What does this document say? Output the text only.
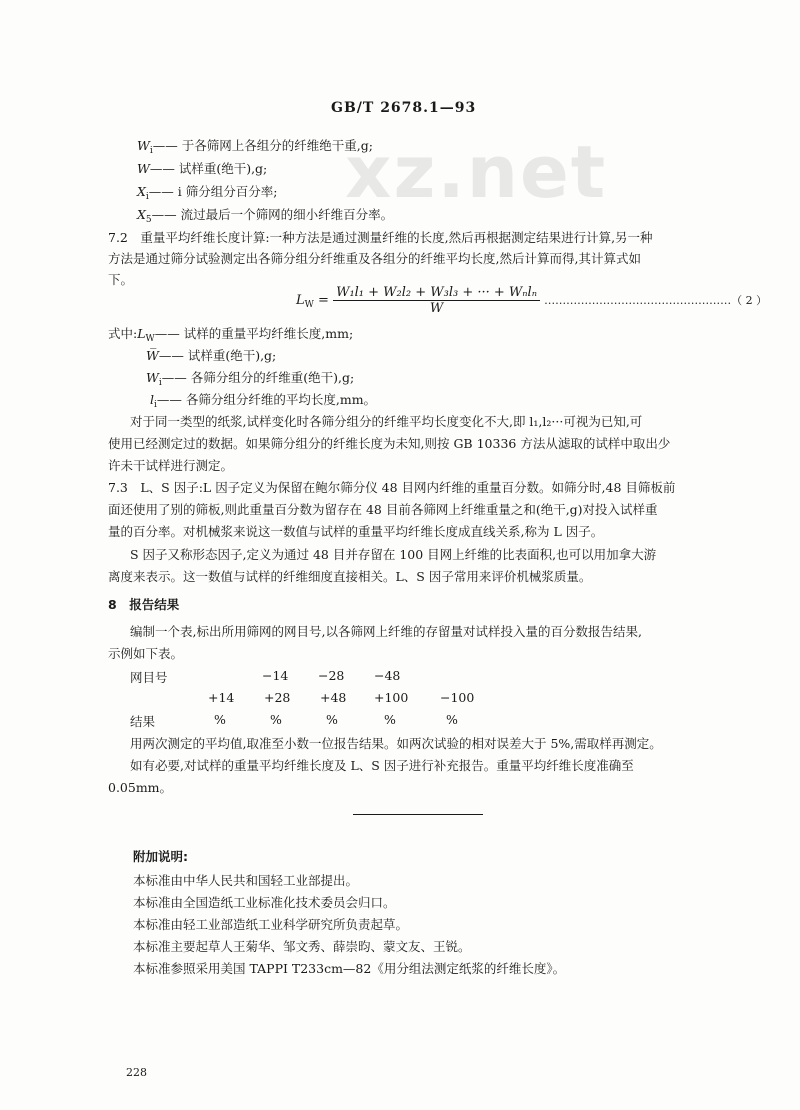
xz.net
GB/T 2678.1—93
$W_i——$ 于各筛网上各组分的纤维绝干重,g;
W—— 试样重(绝干),g;
$X_i——$ i 筛分组分百分率;
$X_5——$ 流过最后一个筛网的细小纤维百分率。
7.2　重量平均纤维长度计算:一种方法是通过测量纤维的长度,然后再根据测定结果进行计算,另一种
方法是通过筛分试验测定出各筛分组分纤维重及各组分的纤维平均长度,然后计算而得,其计算式如
下。
$L_W = \frac{\text{W₁l₁ + W₂l₂ + W₃l₃ + ··· + Wₙlₙ}}{W}$ ……………………………………………（ 2 ）
式中$:L_W——$ 试样的重量平均纤维长度,mm;
W̅—— 试样重(绝干),g;
$W_i——$ 各筛分组分的纤维重(绝干),g;
$l_i——$ 各筛分组分纤维的平均长度,mm。
对于同一类型的纸浆,试样变化时各筛分组分的纤维平均长度变化不大,即 l₁,l₂···可视为已知,可
使用已经测定过的数据。如果筛分组分的纤维长度为未知,则按 GB 10336 方法从滤取的试样中取出少
许未干试样进行测定。
7.3　L、S 因子:L 因子定义为保留在鲍尔筛分仪 48 目网内纤维的重量百分数。如筛分时,48 目筛板前
面还使用了别的筛板,则此重量百分数为留存在 48 目前各筛网上纤维重量之和(绝干,g)对投入试样重
量的百分率。对机械浆来说这一数值与试样的重量平均纤维长度成直线关系,称为 L 因子。
S 因子又称形态因子,定义为通过 48 目并存留在 100 目网上纤维的比表面积,也可以用加拿大游
离度来表示。这一数值与试样的纤维细度直接相关。L、S 因子常用来评价机械浆质量。
8　报告结果
编制一个表,标出所用筛网的网目号,以各筛网上纤维的存留量对试样投入量的百分数报告结果,
示例如下表。
网目号	−14 −28 −48
+14 +28 +48 +100	−100
结果	%	%	%	%	%
用两次测定的平均值,取准至小数一位报告结果。如两次试验的相对误差大于 5%,需取样再测定。
如有必要,对试样的重量平均纤维长度及 L、S 因子进行补充报告。重量平均纤维长度准确至
0.05mm。
附加说明:
本标准由中华人民共和国轻工业部提出。
本标准由全国造纸工业标准化技术委员会归口。
本标准由轻工业部造纸工业科学研究所负责起草。
本标准主要起草人王菊华、邹文秀、薛崇昀、蒙文友、王锐。
本标准参照采用美国 TAPPI T233cm—82《用分组法测定纸浆的纤维长度》。
228
